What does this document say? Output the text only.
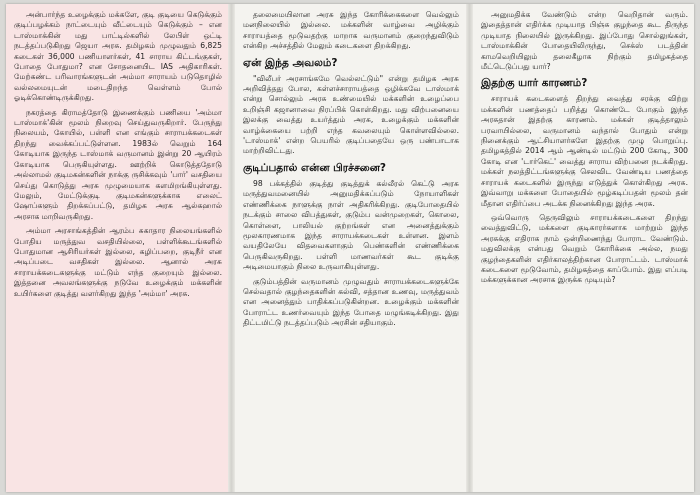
அன்பார்ந்த உழைக்கும் மக்களே, குடி குடியை கெடுக்கும் குடிப்பழக்கம் நாட்டையும் வீட்டையும் கெடுக்கும் – என டாஸ்மாக்கின் மது பாட்டில்களில் லேபிள் ஒட்டி நடத்தப்படுகிறது ஜெயா அரசு. தமிழகம் முழுவதும் 6,825 கடைகள் 36,000 பணியாளர்கள், 41 சாராய கிட்டங்குகள், போதை போதுமா? என சோதனையிட IAS அதிகாரிகள். மேற்கண்ட பரிவாரங்களுடன் அம்மா சாராயம் படுதொழில் வல்லமையுடன் மடைதிறந்த வெள்ளம் போல் ஓடிக்கொண்டிருக்கிறது.

நகரத்தை கிராமத்தோடு இணைக்கும் பணியை 'அம்மா டாஸ்மாக்'கின் மூலம் நிறைவு செய்துவருகிறார். பேருந்து நிலையம், கோயில், பள்ளி என எங்கும் சாராயக்கடைகள் திறந்து வைக்கப்பட்டுள்ளன. 1983ல் வெறும் 164 கோடியாக இருந்த டாஸ்மாக் வருமானம் இன்று 20 ஆயிரம் கோடியாக பெருகியுள்ளது. ஊற்றிக் கொடுத்ததோடு அல்லாமல் குடிமகன்களின் நாக்கு ருசிக்கவும் 'பார்' வசதியை செய்து கொடுத்து அரசு முழுமையாக களமிறங்கியுள்ளது. மேலும், மேட்டுக்குடி குடிமகன்களுக்காக எலைட் ஷோப்களும் திறக்கப்பட்டு, தமிழக அரசு ஆல்கஹால் அரசாக மாறிவருகிறது.

அம்மா அரசாங்கத்தின் ஆரம்ப சுகாதார நிலையங்களில் போதிய மருத்துவ வசதியில்லை, பள்ளிக்கூடங்களில் போதுமான ஆசிரியர்கள் இல்லை, கழிப்பறை, குடிநீர் என அடிப்படை வசதிகள் இல்லை. ஆனால் அரசு சாராயக்கடைகளுக்கு மட்டும் எந்த குறையும் இல்லை. இத்தனை அவலங்களுக்கு நடுவே உழைக்கும் மக்களின் உயிர்களை குடித்து வளர்கிறது இந்த 'அம்மா' அரசு.

தலைமையிலான அரசு இந்த கோரிக்கைகளை வெல்லும் மனநிலையில் இல்லை. மக்களின் வாழ்வை அழிக்கும் சாராயத்தை மூடுவதற்கு மாறாக வருமானம் குறைந்துவிடும் என்கிற அச்சத்தில் மேலும் கடைகளை திறக்கிறது.

ஏன் இந்த அவலம்?

"விலீபர் அரசாங்கமே வெல்லட்டும்" என்று தமிழக அரசு அறிவித்தது போல, கள்ளச்சாராயத்தை ஒழிக்கவே டாஸ்மாக் என்று சொல்லும் அரசு உண்மையில் மக்களின் உழைப்பை உறிஞ்சி கஜானாவை நிரப்பிக் கொள்கிறது. மது விற்பனையை இலக்கு வைத்து உயர்த்தும் அரசு, உழைக்கும் மக்களின் வாழ்க்கையை பற்றி எந்த கவலையும் கொள்ளவில்லை. 'டாஸ்மாக்' என்ற பெயரில் குடிப்பதையே ஒரு பண்பாடாக மாற்றிவிட்டது.

குடிப்பதால் என்ன பிரச்சனை?

98 பக்கத்தில் குடித்து குடித்துக் கல்லீரல் கெட்டு அரசு மருத்துவமனையில் அனுமதிக்கப்படும் நோயாளிகள் எண்ணிக்கை நாளுக்கு நாள் அதிகரிக்கிறது. குடிபோதையில் நடக்கும் சாலை விபத்துகள், குடும்ப வன்முறைகள், கொலை, கொள்ளை, பாலியல் குற்றங்கள் என அனைத்துக்கும் மூலகாரணமாக இந்த சாராயக்கடைகள் உள்ளன. இளம் வயதிலேயே விதவைகளாகும் பெண்களின் எண்ணிக்கை பெருகிவருகிறது. பள்ளி மாணவர்கள் கூட குடிக்கு அடிமையாகும் நிலை உருவாகியுள்ளது.

குடும்பத்தின் வருமானம் முழுவதும் சாராயக்கடைகளுக்கே செல்வதால் குழந்தைகளின் கல்வி, சத்தான உணவு, மருத்துவம் என அனைத்தும் பாதிக்கப்படுகின்றன. உழைக்கும் மக்களின் போராட்ட உணர்வையும் இந்த போதை மழுங்கடிக்கிறது. இது திட்டமிட்டு நடத்தப்படும் அரசின் சதியாகும்.

அனுமதிக்க வேண்டும் என்ற வெறிதான் வரும். இதைத்தான் எதிர்க்க முடியாத பிஞ்சு குழந்தை கூட திருந்த முடியாத நிலையில் இருக்கிறது. இப்போது சொல்லுங்கள், டாஸ்மாக்கின் போதையிலிருந்து, செக்ஸ் படத்தின் காமவெறியிலும் தலைகீழாக நிற்கும் தமிழகத்தை மீட்டெடுப்பது யார்?

இதற்கு யார் காரணம்?

சாராயக் கடைகளைத் திறந்து வைத்து சரக்கு விற்று மக்களின் பணத்தைப் பறித்து கொண்டே போகும் இந்த அரசுதான் இதற்கு காரணம். மக்கள் குடித்தாலும் பரவாயில்லை, வருமானம் வந்தால் போதும் என்று நினைக்கும் ஆட்சியாளர்களே இதற்கு முழு பொறுப்பு. தமிழகத்தில் 2014 ஆம் ஆண்டில் மட்டும் 200 கோடி, 300 கோடி என 'டார்கெட்' வைத்து சாராய விற்பனை நடக்கிறது. மக்கள் நலத்திட்டங்களுக்கு செலவிட வேண்டிய பணத்தை சாராயக் கடைகளில் இருந்து எடுத்துக் கொள்கிறது அரசு. இவ்வாறு மக்களை போதையில் மூழ்கடிப்பதன் மூலம் தன் மீதான எதிர்ப்பை அடக்க நினைக்கிறது இந்த அரசு.

ஒவ்வொரு தெருவிலும் சாராயக்கடைகளை திறந்து வைத்துவிட்டு, மக்களை குடிகாரர்களாக மாற்றும் இந்த அரசுக்கு எதிராக நாம் ஒன்றிணைந்து போராட வேண்டும். மதுவிலக்கு என்பது வெறும் கோரிக்கை அல்ல, நமது குழந்தைகளின் எதிர்காலத்திற்கான போராட்டம். டாஸ்மாக் கடைகளை மூடுவோம், தமிழகத்தை காப்போம். இது எப்படி மக்களுக்கான அரசாக இருக்க முடியும்?
